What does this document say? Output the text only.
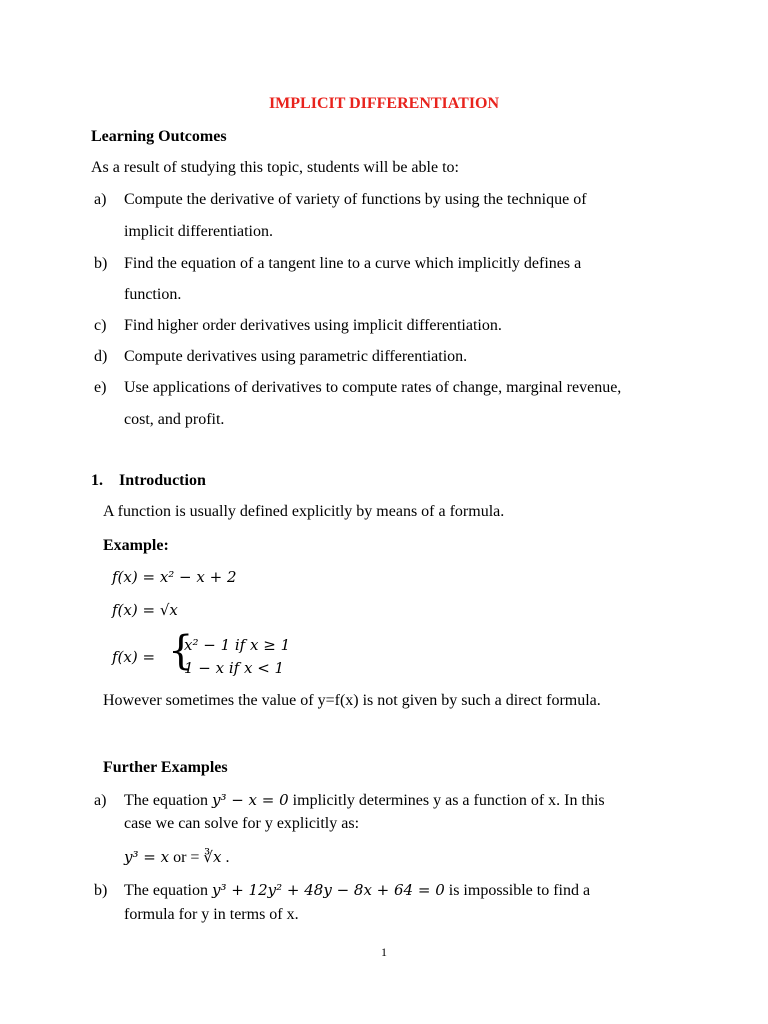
IMPLICIT DIFFERENTIATION
Learning Outcomes
As a result of studying this topic, students will be able to:
a) Compute the derivative of variety of functions by using the technique of
implicit differentiation.
b) Find the equation of a tangent line to a curve which implicitly defines a
function.
c) Find higher order derivatives using implicit differentiation.
d) Compute derivatives using parametric differentiation.
e) Use applications of derivatives to compute rates of change, marginal revenue,
cost, and profit.
1. Introduction
A function is usually defined explicitly by means of a formula.
Example:
f(x) = x² − x + 2
f(x) = √x
f(x) = {
x² − 1 if x ≥ 1
1 − x if x < 1
However sometimes the value of y=f(x) is not given by such a direct formula.
Further Examples
a) The equation y³ − x = 0 implicitly determines y as a function of x. In this
case we can solve for y explicitly as:
y³ = x or = ∛x .
b) The equation y³ + 12y² + 48y − 8x + 64 = 0 is impossible to find a
formula for y in terms of x.
1
